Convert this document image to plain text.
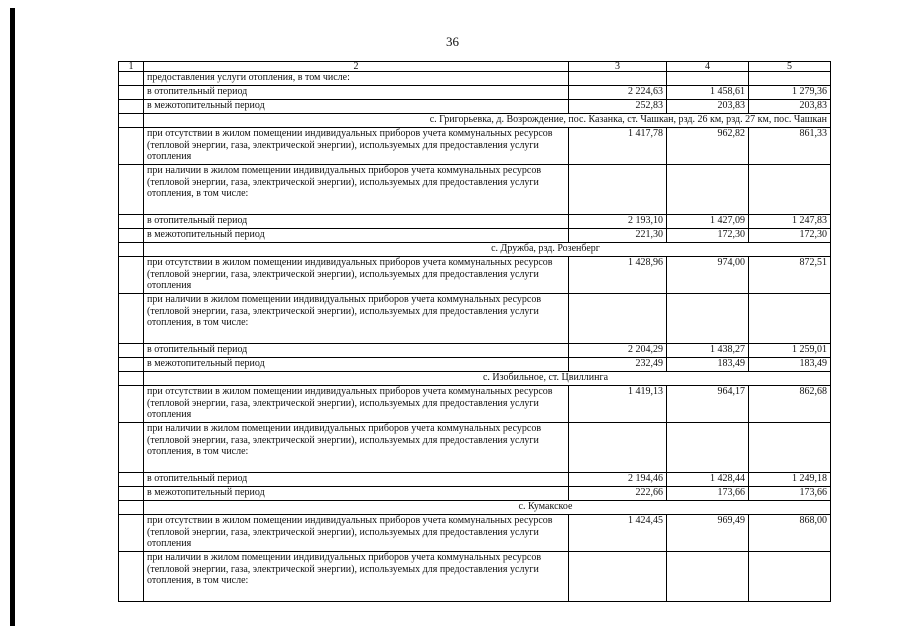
36
1	2	3	4	5
	предоставления услуги отопления, в том числе:			
	в отопительный период	2 224,63	1 458,61	1 279,36
	в межотопительный период	252,83	203,83	203,83
	с. Григорьевка, д. Возрождение, пос. Казанка, ст. Чашкан, рзд. 26 км, рзд. 27 км, пос. Чашкан			
	при отсутствии в жилом помещении индивидуальных приборов учета коммунальных ресурсов (тепловой энергии, газа, электрической энергии), используемых для предоставления услуги отопления	1 417,78	962,82	861,33
	при наличии в жилом помещении индивидуальных приборов учета коммунальных ресурсов (тепловой энергии, газа, электрической энергии), используемых для предоставления услуги отопления, в том числе:			
	в отопительный период	2 193,10	1 427,09	1 247,83
	в межотопительный период	221,30	172,30	172,30
	с. Дружба, рзд. Розенберг			
	при отсутствии в жилом помещении индивидуальных приборов учета коммунальных ресурсов (тепловой энергии, газа, электрической энергии), используемых для предоставления услуги отопления	1 428,96	974,00	872,51
	при наличии в жилом помещении индивидуальных приборов учета коммунальных ресурсов (тепловой энергии, газа, электрической энергии), используемых для предоставления услуги отопления, в том числе:			
	в отопительный период	2 204,29	1 438,27	1 259,01
	в межотопительный период	232,49	183,49	183,49
	с. Изобильное, ст. Цвиллинга			
	при отсутствии в жилом помещении индивидуальных приборов учета коммунальных ресурсов (тепловой энергии, газа, электрической энергии), используемых для предоставления услуги отопления	1 419,13	964,17	862,68
	при наличии в жилом помещении индивидуальных приборов учета коммунальных ресурсов (тепловой энергии, газа, электрической энергии), используемых для предоставления услуги отопления, в том числе:			
	в отопительный период	2 194,46	1 428,44	1 249,18
	в межотопительный период	222,66	173,66	173,66
	с. Кумакское			
	при отсутствии в жилом помещении индивидуальных приборов учета коммунальных ресурсов (тепловой энергии, газа, электрической энергии), используемых для предоставления услуги отопления	1 424,45	969,49	868,00
	при наличии в жилом помещении индивидуальных приборов учета коммунальных ресурсов (тепловой энергии, газа, электрической энергии), используемых для предоставления услуги отопления, в том числе:			
